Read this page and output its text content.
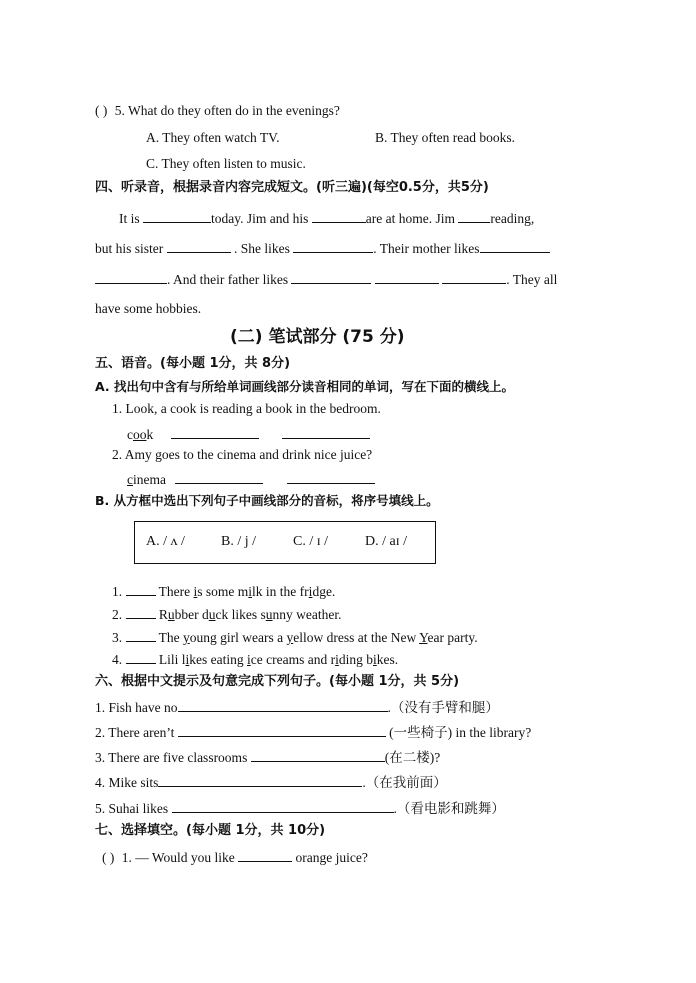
( ) 5. What do they often do in the evenings?
A. They often watch TV.	B. They often read books.
C. They often listen to music.
四、听录音，根据录音内容完成短文。(听三遍)(每空0.5分，共5分)
It is	today. Jim and his	are at home. Jim	reading,
but his sister	. She likes	. Their mother likes
. And their father likes	. They all
have some hobbies.
(二) 笔试部分 (75 分)
五、语音。(每小题 1分，共 8分)
A. 找出句中含有与所给单词画线部分读音相同的单词，写在下面的横线上。
1. Look, a cook is reading a book in the bedroom.
cook
2. Amy goes to the cinema and drink nice juice?
cinema
B. 从方框中选出下列句子中画线部分的音标，将序号填线上。
A. / ʌ /	B. / j /	C. / ɪ /	D. / aɪ /
1.	There is some milk in the fridge.
2.	Rubber duck likes sunny weather.
3.	The young girl wears a yellow dress at the New Year party.
4.	Lili likes eating ice creams and riding bikes.
六、根据中文提示及句意完成下列句子。(每小题 1分，共 5分)
1. Fish have no	.（没有手臂和腿）
2. There aren’t	(一些椅子) in the library?
3. There are five classrooms	(在二楼)?
4. Mike sits	.（在我前面）
5. Suhai likes	.（看电影和跳舞）
七、选择填空。(每小题 1分，共 10分)
( ) 1. — Would you like	orange juice?
